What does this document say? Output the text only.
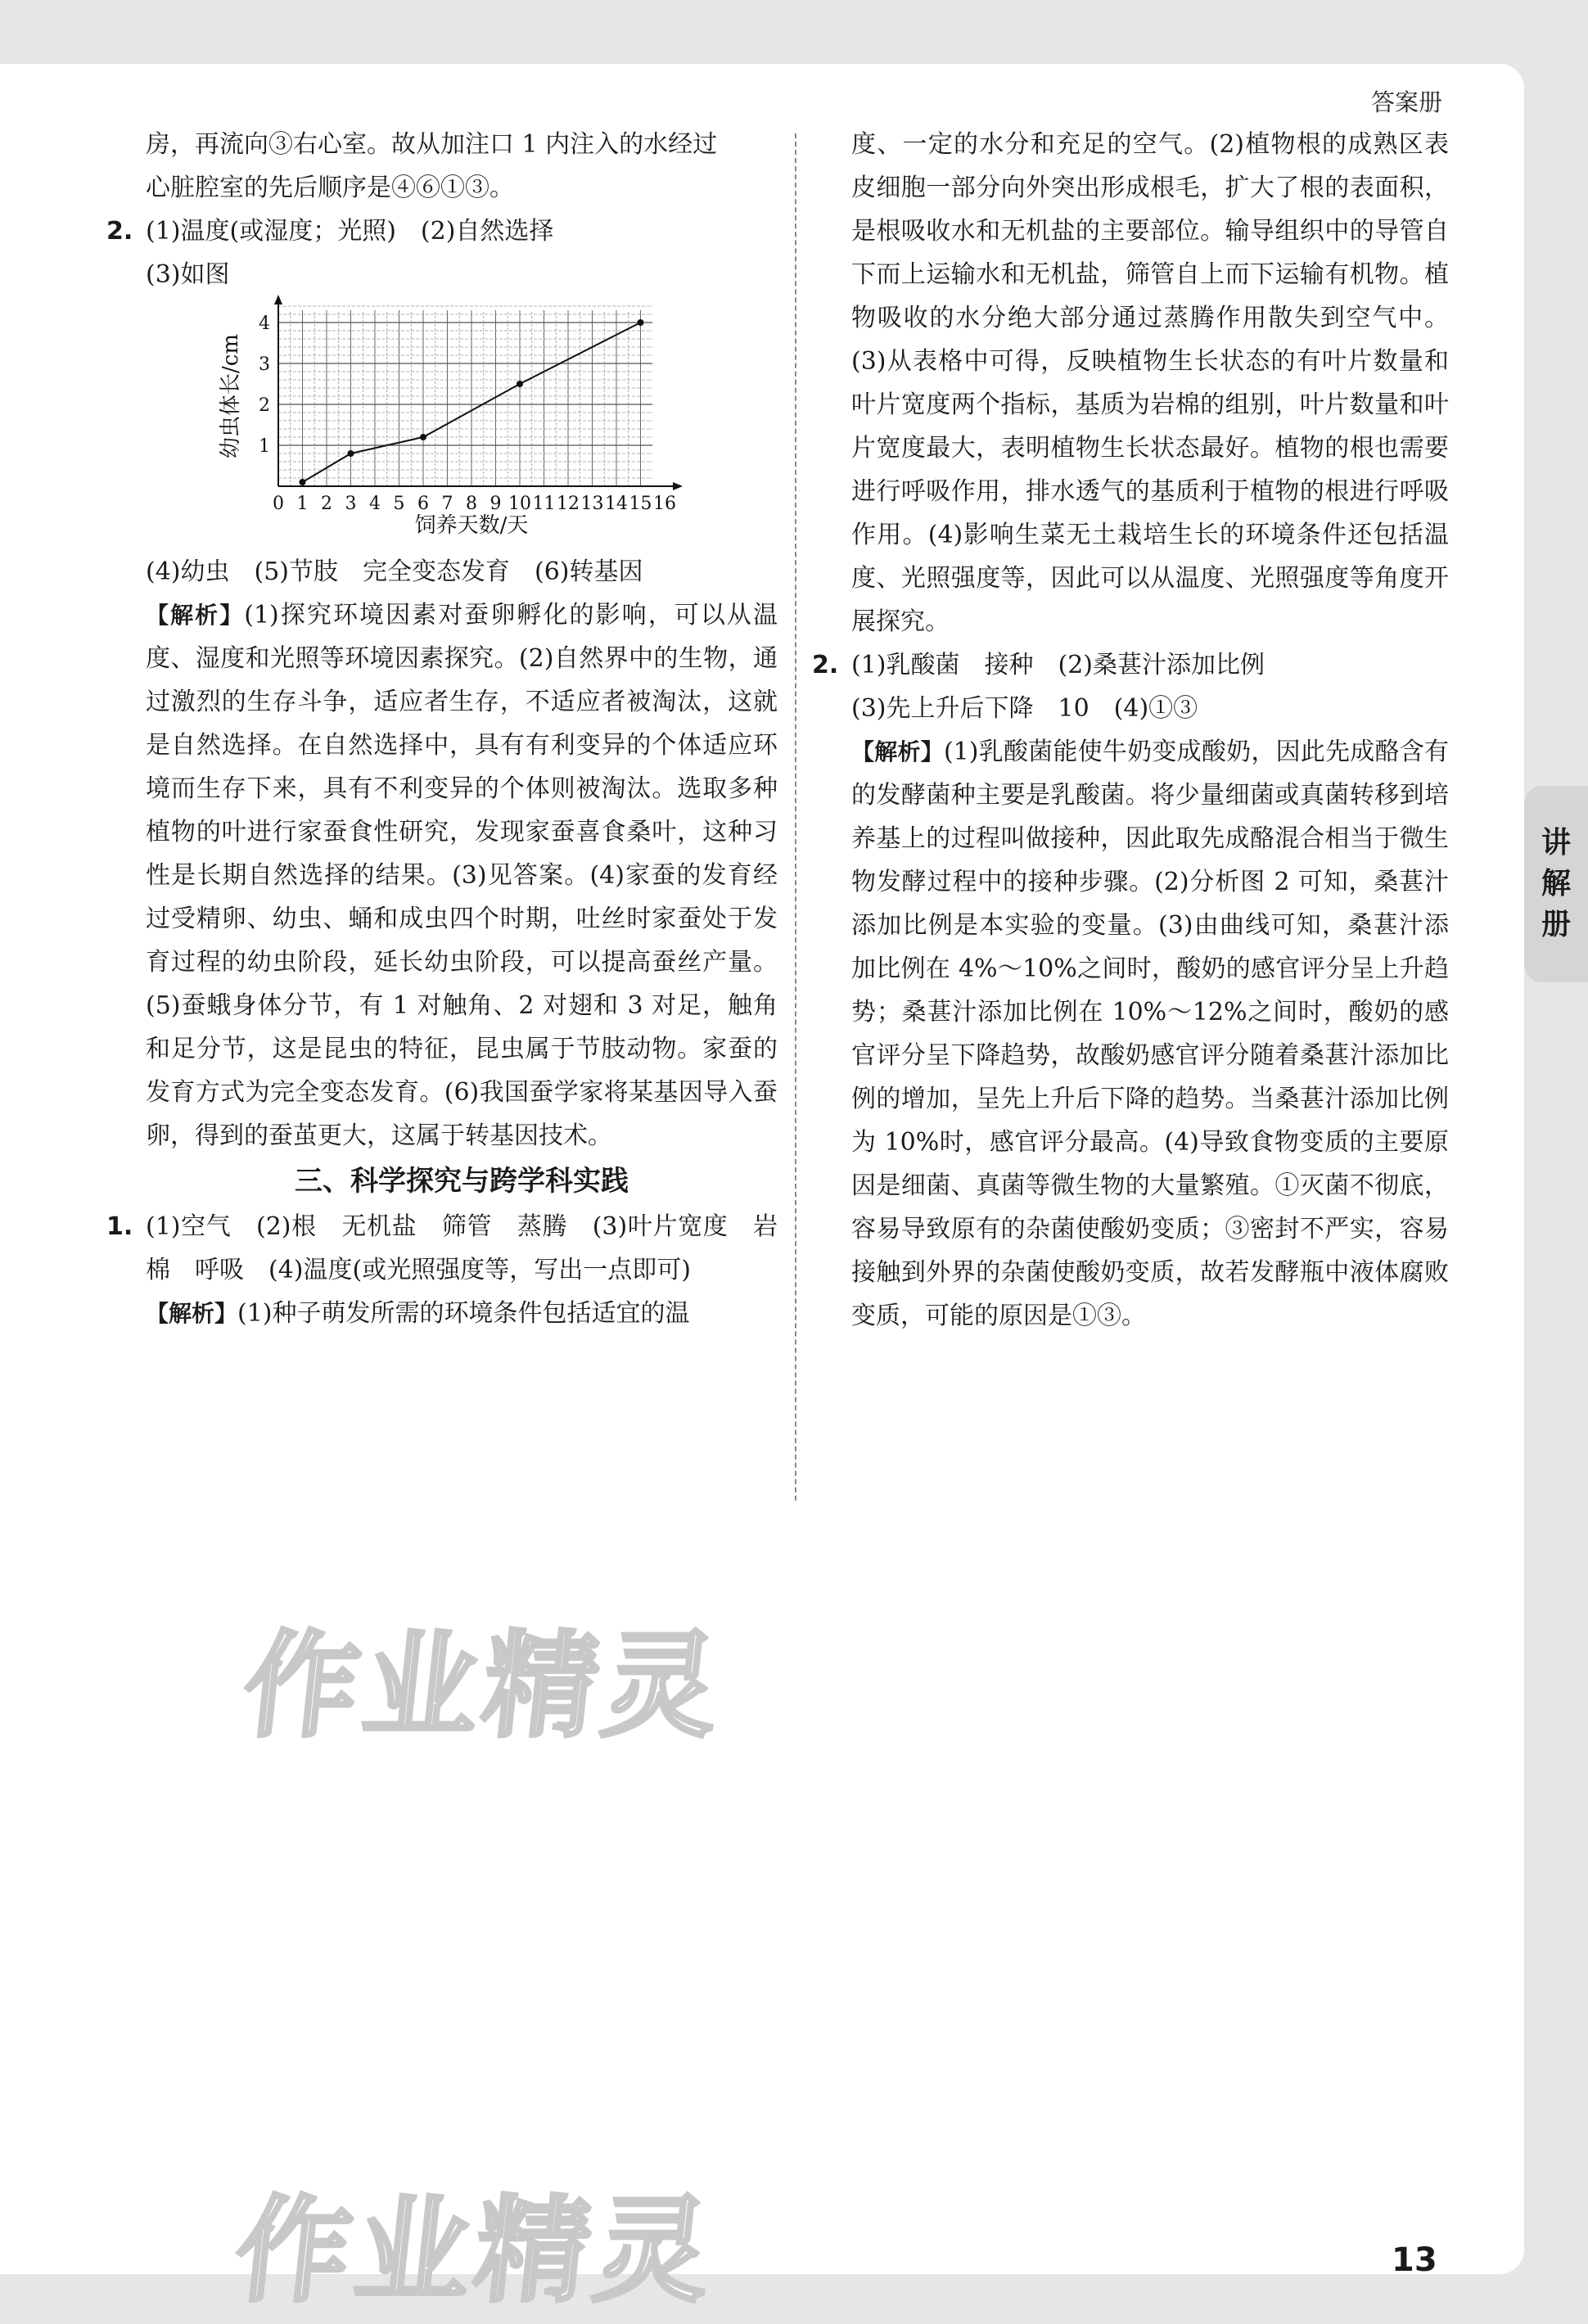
答案册
房，再流向③右心室。故从加注口 1 内注入的水经过
心脏腔室的先后顺序是④⑥①③。
2. (1)温度(或湿度；光照)　(2)自然选择
(3)如图
0 1 2 3 4 5 6 7 8 9 10 11 12 13 14 15 16
1
2
3
4
饲养天数/天
幼虫体长/cm
(4)幼虫　(5)节肢　完全变态发育　(6)转基因

【解析】(1)探究环境因素对蚕卵孵化的影响，可以从温度、湿度和光照等环境因素探究。(2)自然界中的生物，通过激烈的生存斗争，适应者生存，不适应者被淘汰，这就是自然选择。在自然选择中，具有有利变异的个体适应环境而生存下来，具有不利变异的个体则被淘汰。选取多种植物的叶进行家蚕食性研究，发现家蚕喜食桑叶，这种习性是长期自然选择的结果。(3)见答案。(4)家蚕的发育经过受精卵、幼虫、蛹和成虫四个时期，吐丝时家蚕处于发育过程的幼虫阶段，延长幼虫阶段，可以提高蚕丝产量。(5)蚕蛾身体分节，有 1 对触角、2 对翅和 3 对足，触角和足分节，这是昆虫的特征，昆虫属于节肢动物。家蚕的发育方式为完全变态发育。(6)我国蚕学家将某基因导入蚕卵，得到的蚕茧更大，这属于转基因技术。

三、科学探究与跨学科实践

1. (1)空气　(2)根　无机盐　筛管　蒸腾　(3)叶片宽度　岩棉　呼吸　(4)温度(或光照强度等，写出一点即可)

【解析】(1)种子萌发所需的环境条件包括适宜的温

度、一定的水分和充足的空气。(2)植物根的成熟区表皮细胞一部分向外突出形成根毛，扩大了根的表面积，是根吸收水和无机盐的主要部位。输导组织中的导管自下而上运输水和无机盐，筛管自上而下运输有机物。植物吸收的水分绝大部分通过蒸腾作用散失到空气中。(3)从表格中可得，反映植物生长状态的有叶片数量和叶片宽度两个指标，基质为岩棉的组别，叶片数量和叶片宽度最大，表明植物生长状态最好。植物的根也需要进行呼吸作用，排水透气的基质利于植物的根进行呼吸作用。(4)影响生菜无土栽培生长的环境条件还包括温度、光照强度等，因此可以从温度、光照强度等角度开展探究。

2. (1)乳酸菌　接种　(2)桑葚汁添加比例
(3)先上升后下降　10　(4)①③

【解析】(1)乳酸菌能使牛奶变成酸奶，因此先成酪含有的发酵菌种主要是乳酸菌。将少量细菌或真菌转移到培养基上的过程叫做接种，因此取先成酪混合相当于微生物发酵过程中的接种步骤。(2)分析图 2 可知，桑葚汁添加比例是本实验的变量。(3)由曲线可知，桑葚汁添加比例在 4%～10%之间时，酸奶的感官评分呈上升趋势；桑葚汁添加比例在 10%～12%之间时，酸奶的感官评分呈下降趋势，故酸奶感官评分随着桑葚汁添加比例的增加，呈先上升后下降的趋势。当桑葚汁添加比例为 10%时，感官评分最高。(4)导致食物变质的主要原因是细菌、真菌等微生物的大量繁殖。①灭菌不彻底，容易导致原有的杂菌使酸奶变质；③密封不严实，容易接触到外界的杂菌使酸奶变质，故若发酵瓶中液体腐败变质，可能的原因是①③。

作业精灵
作业精灵	13
讲
解
册
